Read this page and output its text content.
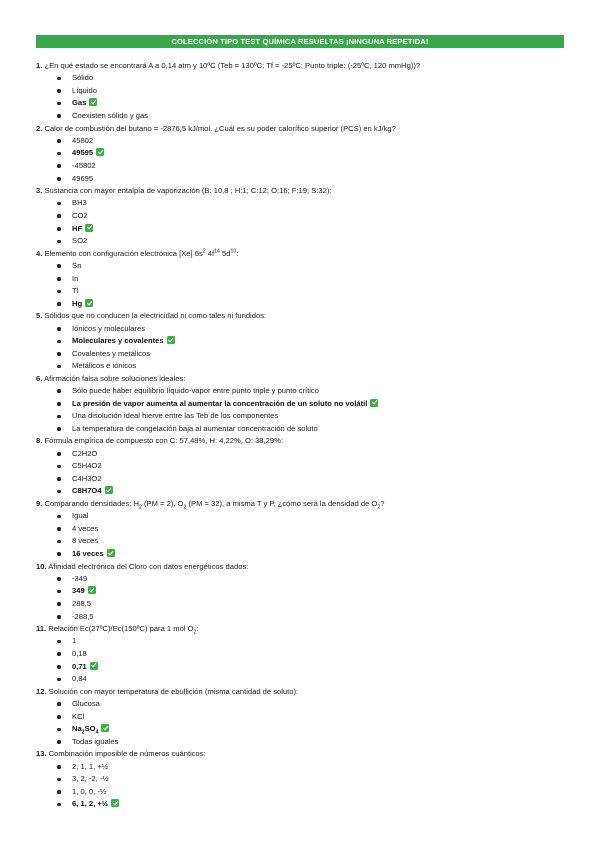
COLECCIÓN TIPO TEST QUÍMICA RESUELTAS ¡NINGUNA REPETIDA!
1. ¿En qué estado se encontrará A a 0,14 atm y 10ºC (Teb = 130ºC; Tf = -25ºC; Punto triple: (-25ºC, 120 mmHg))?
Sólido
Líquido
Gas
Coexisten sólido y gas
2. Calor de combustión del butano = -2876,5 kJ/mol. ¿Cuál es su poder calorífico superior (PCS) en kJ/kg?
45802
49595
-45802
49695
3. Sustancia con mayor entalpía de vaporización (B: 10,8 ; H:1; C:12; O:16; F:19; S:32):
BH3
CO2
HF
SO2
4. Elemento con configuración electrónica [Xe] $6s^2$ $4f^{14}$ $5d^{10}$:
Sn
In
Tl
Hg
5. Sólidos que no conducen la electricidad ni como tales ni fundidos:
Iónicos y moleculares
Moleculares y covalentes
Covalentes y metálicos
Metálicos e iónicos
6. Afirmación falsa sobre soluciones ideales:
Sólo puede haber equilibrio líquido-vapor entre punto triple y punto crítico
La presión de vapor aumenta al aumentar la concentración de un soluto no volátil
Una disolución ideal hierve entre las Teb de los componentes
La temperatura de congelación baja al aumentar concentración de soluto
8. Fórmula empírica de compuesto con C: 57,48%, H: 4,22%, O: 38,29%:
C2H2O
C5H4O2
C4H3O2
C8H7O4
9. Comparando densidades: $H_2$ (PM = 2), $O_2$ (PM = 32), a misma T y P, ¿cómo será la densidad de $O_2$?
Igual
4 veces
8 veces
16 veces
10. Afinidad electrónica del Cloro con datos energéticos dados:
-349
349
288,5
-288,5
11. Relación Ec(27ºC)/Ec(150ºC) para 1 mol $O_2$:
1
0,18
0,71
0,84
12. Solución con mayor temperatura de ebullición (misma cantidad de soluto):
Glucosa
KCl
$Na_2SO_4$
Todas iguales
13. Combinación imposible de números cuánticos:
2, 1, 1, +½
3, 2, -2, -½
1, 0, 0, -½
6, 1, 2, +½
